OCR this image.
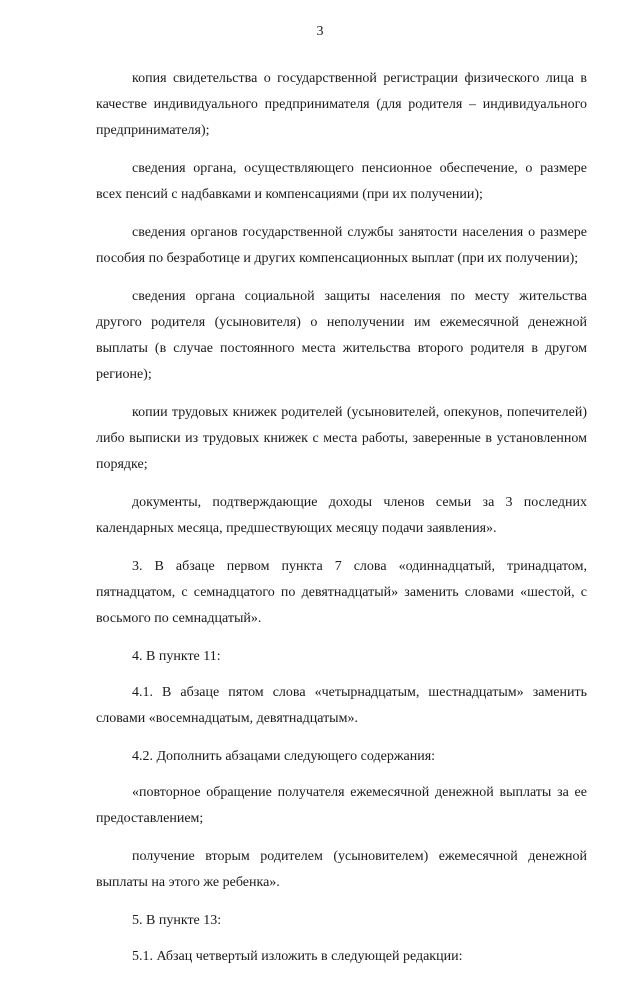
3

копия свидетельства о государственной регистрации физического лица в качестве индивидуального предпринимателя (для родителя – индивидуального предпринимателя);

сведения органа, осуществляющего пенсионное обеспечение, о размере всех пенсий с надбавками и компенсациями (при их получении);

сведения органов государственной службы занятости населения о размере пособия по безработице и других компенсационных выплат (при их получении);

сведения органа социальной защиты населения по месту жительства другого родителя (усыновителя) о неполучении им ежемесячной денежной выплаты (в случае постоянного места жительства второго родителя в другом регионе);

копии трудовых книжек родителей (усыновителей, опекунов, попечителей) либо выписки из трудовых книжек с места работы, заверенные в установленном порядке;

документы, подтверждающие доходы членов семьи за 3 последних календарных месяца, предшествующих месяцу подачи заявления».

3. В абзаце первом пункта 7 слова «одиннадцатый, тринадцатом, пятнадцатом, с семнадцатого по девятнадцатый» заменить словами «шестой, с восьмого по семнадцатый».

4. В пункте 11:

4.1. В абзаце пятом слова «четырнадцатым, шестнадцатым» заменить словами «восемнадцатым, девятнадцатым».

4.2. Дополнить абзацами следующего содержания:

«повторное обращение получателя ежемесячной денежной выплаты за ее предоставлением;

получение вторым родителем (усыновителем) ежемесячной денежной выплаты на этого же ребенка».

5. В пункте 13:

5.1. Абзац четвертый изложить в следующей редакции:
